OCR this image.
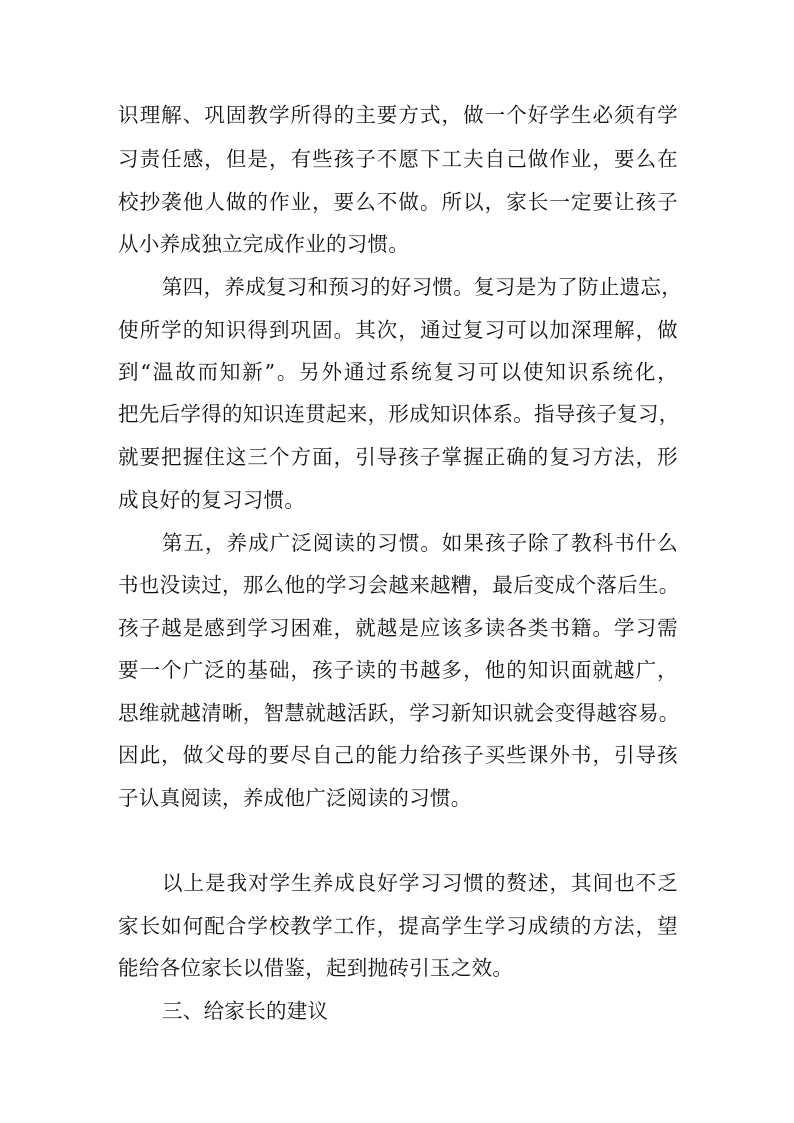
识理解、巩固教学所得的主要方式，做一个好学生必须有学
习责任感，但是，有些孩子不愿下工夫自己做作业，要么在
校抄袭他人做的作业，要么不做。所以，家长一定要让孩子
从小养成独立完成作业的习惯。
第四，养成复习和预习的好习惯。复习是为了防止遗忘，
使所学的知识得到巩固。其次，通过复习可以加深理解，做
到“温故而知新”。另外通过系统复习可以使知识系统化，
把先后学得的知识连贯起来，形成知识体系。指导孩子复习，
就要把握住这三个方面，引导孩子掌握正确的复习方法，形
成良好的复习习惯。
第五，养成广泛阅读的习惯。如果孩子除了教科书什么
书也没读过，那么他的学习会越来越糟，最后变成个落后生。
孩子越是感到学习困难，就越是应该多读各类书籍。学习需
要一个广泛的基础，孩子读的书越多，他的知识面就越广，
思维就越清晰，智慧就越活跃，学习新知识就会变得越容易。
因此，做父母的要尽自己的能力给孩子买些课外书，引导孩
子认真阅读，养成他广泛阅读的习惯。
以上是我对学生养成良好学习习惯的赘述，其间也不乏
家长如何配合学校教学工作，提高学生学习成绩的方法，望
能给各位家长以借鉴，起到抛砖引玉之效。
三、给家长的建议
